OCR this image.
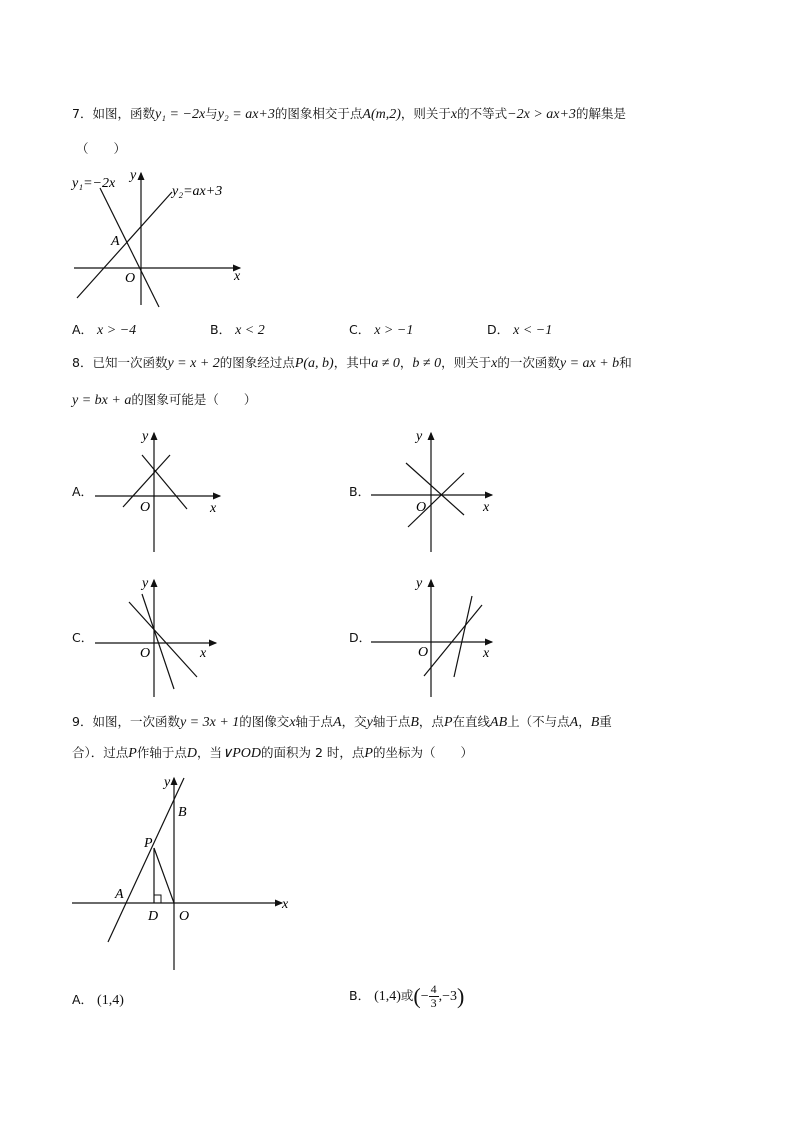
7．如图，函数y₁ = −2x与y₂ = ax+3的图象相交于点A(m,2)，则关于x的不等式−2x > ax+3的解集是
（　　）
y₁=−2x
y₂=ax+3
y
x
A
O
A． x > −4	B． x < 2	C． x > −1	D． x < −1
8．已知一次函数y = x + 2的图象经过点P(a, b)，其中a ≠ 0，b ≠ 0，则关于x的一次函数y = ax + b和
y = bx + a的图象可能是（　　）
A．
y
x
O
B．
y
x
O
C．
y
x
O
D．
y
x
O
9．如图，一次函数y = 3x + 1的图像交x轴于点A，交y轴于点B，点P在直线AB上（不与点A，B重
合）．过点P作轴于点D，当∨POD的面积为 2 时，点P的坐标为（　　）
y
x
B
P
A
D O
A． (1,4)	B． (1,4)或(− $\frac{4}{3} ,-3$)
